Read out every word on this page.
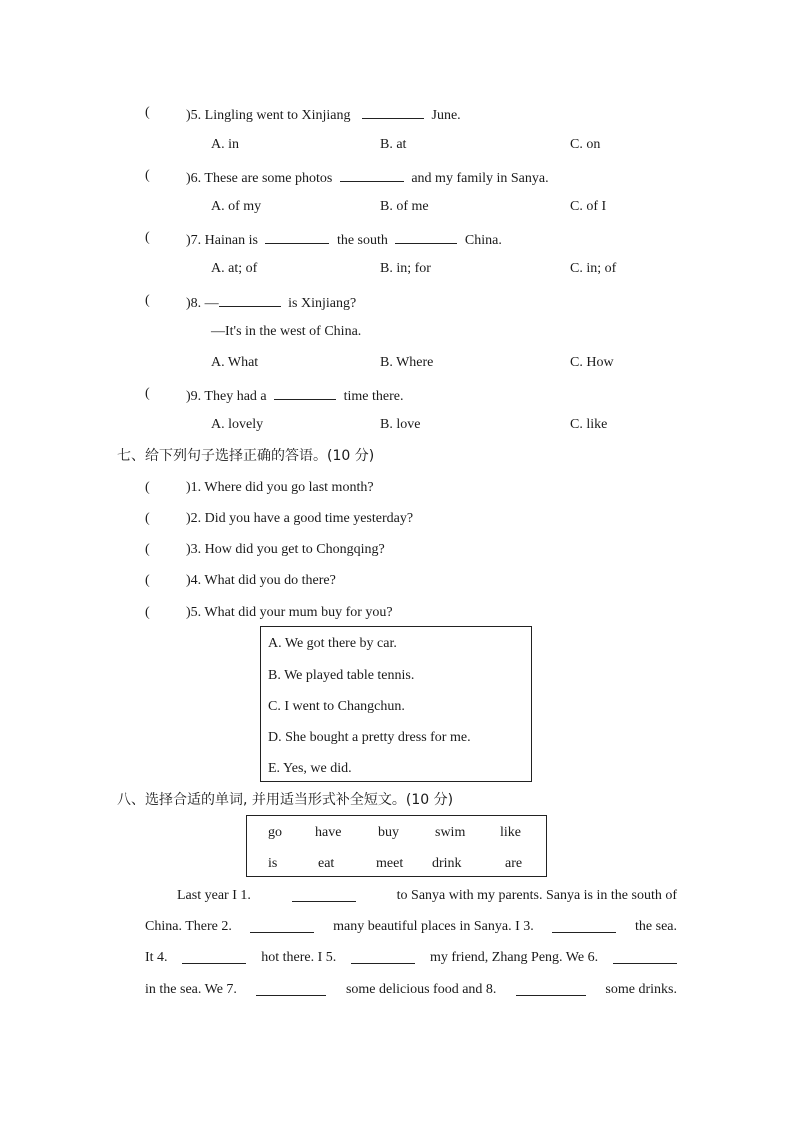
(	)5. Lingling went to Xinjiang	June.
A. in	B. at	C. on
(	)6. These are some photos	and my family in Sanya.
A. of my	B. of me	C. of I
(	)7. Hainan is	the south	China.
A. at; of	B. in; for	C. in; of
(	)8. —	is Xinjiang?
—It's in the west of China.
A. What	B. Where	C. How
(	)9. They had a	time there.
A. lovely	B. love	C. like
七、给下列句子选择正确的答语。(10 分)
(	)1. Where did you go last month?
(	)2. Did you have a good time yesterday?
(	)3. How did you get to Chongqing?
(	)4. What did you do there?
(	)5. What did your mum buy for you?
A. We got there by car.
B. We played table tennis.
C. I went to Changchun.
D. She bought a pretty dress for me.
E. Yes, we did.
八、选择合适的单词, 并用适当形式补全短文。(10 分)
go have	buy	swim like
is	eat	meet drink	are
Last year I 1.	to Sanya with my parents. Sanya is in the south of
China. There 2.	many beautiful places in Sanya. I 3.	the sea.
It 4.	hot there. I 5.	my friend, Zhang Peng. We 6.
in the sea. We 7.	some delicious food and 8.	some drinks.
